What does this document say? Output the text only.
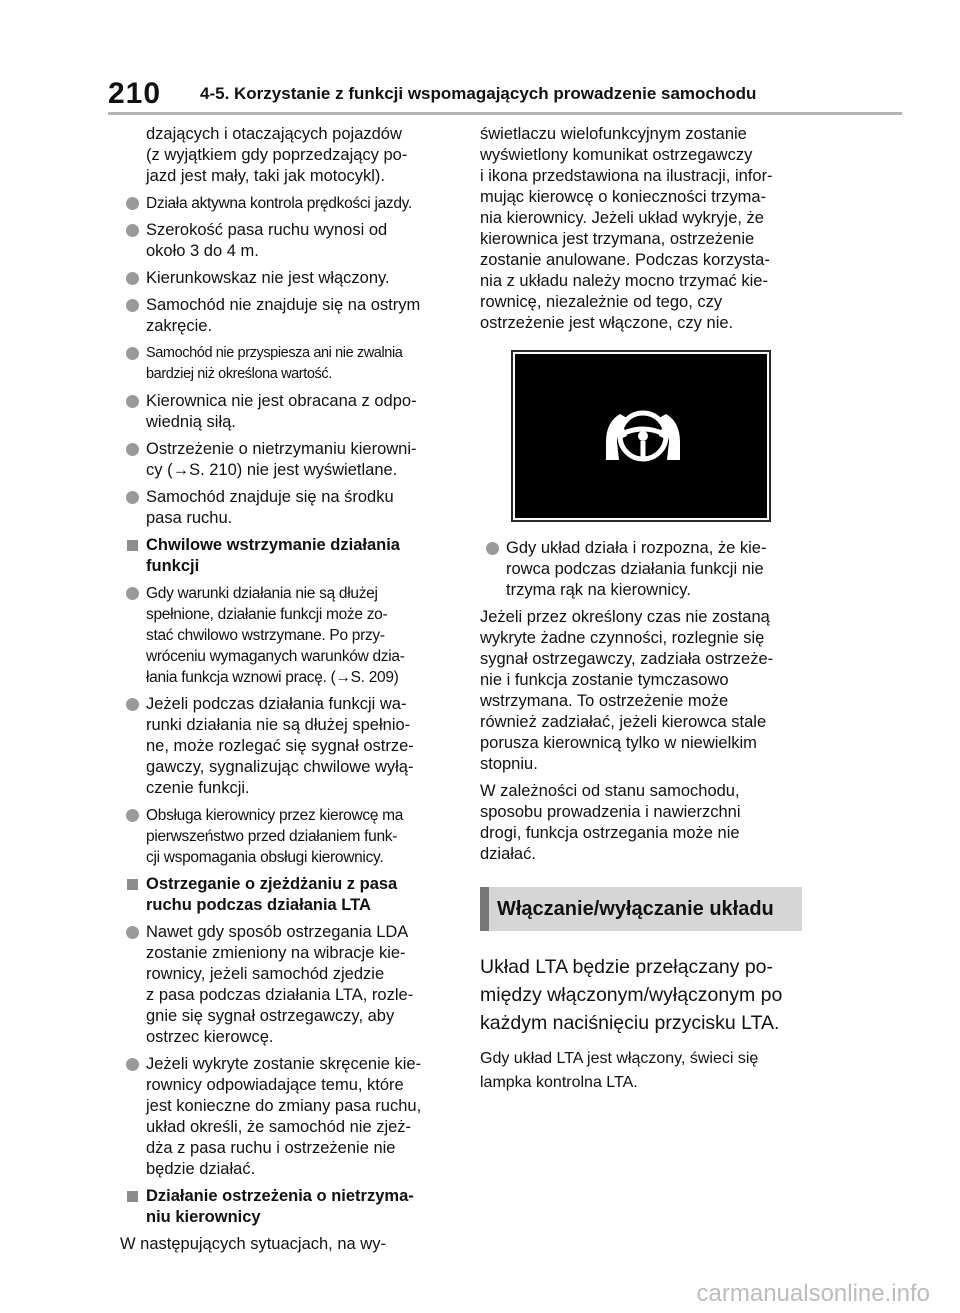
210 4-5. Korzystanie z funkcji wspomagających prowadzenie samochodu
dzających i otaczających pojazdów
(z wyjątkiem gdy poprzedzający po-
jazd jest mały, taki jak motocykl).
Działa aktywna kontrola prędkości jazdy.
Szerokość pasa ruchu wynosi od
około 3 do 4 m.
Kierunkowskaz nie jest włączony.
Samochód nie znajduje się na ostrym
zakręcie.
Samochód nie przyspiesza ani nie zwalnia
bardziej niż określona wartość.
Kierownica nie jest obracana z odpo-
wiednią siłą.
Ostrzeżenie o nietrzymaniu kierowni-
cy (→S. 210) nie jest wyświetlane.
Samochód znajduje się na środku
pasa ruchu.
Chwilowe wstrzymanie działania
funkcji
Gdy warunki działania nie są dłużej
spełnione, działanie funkcji może zo-
stać chwilowo wstrzymane. Po przy-
wróceniu wymaganych warunków dzia-
łania funkcja wznowi pracę. (→S. 209)
Jeżeli podczas działania funkcji wa-
runki działania nie są dłużej spełnio-
ne, może rozlegać się sygnał ostrze-
gawczy, sygnalizując chwilowe wyłą-
czenie funkcji.
Obsługa kierownicy przez kierowcę ma
pierwszeństwo przed działaniem funk-
cji wspomagania obsługi kierownicy.
Ostrzeganie o zjeżdżaniu z pasa
ruchu podczas działania LTA
Nawet gdy sposób ostrzegania LDA
zostanie zmieniony na wibracje kie-
rownicy, jeżeli samochód zjedzie
z pasa podczas działania LTA, rozle-
gnie się sygnał ostrzegawczy, aby
ostrzec kierowcę.
Jeżeli wykryte zostanie skręcenie kie-
rownicy odpowiadające temu, które
jest konieczne do zmiany pasa ruchu,
układ określi, że samochód nie zjeż-
dża z pasa ruchu i ostrzeżenie nie
będzie działać.
Działanie ostrzeżenia o nietrzyma-
niu kierownicy
W następujących sytuacjach, na wy-
świetlaczu wielofunkcyjnym zostanie
wyświetlony komunikat ostrzegawczy
i ikona przedstawiona na ilustracji, infor-
mując kierowcę o konieczności trzyma-
nia kierownicy. Jeżeli układ wykryje, że
kierownica jest trzymana, ostrzeżenie
zostanie anulowane. Podczas korzysta-
nia z układu należy mocno trzymać kie-
rownicę, niezależnie od tego, czy
ostrzeżenie jest włączone, czy nie.
Gdy układ działa i rozpozna, że kie-
rowca podczas działania funkcji nie
trzyma rąk na kierownicy.
Jeżeli przez określony czas nie zostaną
wykryte żadne czynności, rozlegnie się
sygnał ostrzegawczy, zadziała ostrzeże-
nie i funkcja zostanie tymczasowo
wstrzymana. To ostrzeżenie może
również zadziałać, jeżeli kierowca stale
porusza kierownicą tylko w niewielkim
stopniu.
W zależności od stanu samochodu,
sposobu prowadzenia i nawierzchni
drogi, funkcja ostrzegania może nie
działać.
Włączanie/wyłączanie układu
Układ LTA będzie przełączany po-
między włączonym/wyłączonym po
każdym naciśnięciu przycisku LTA.
Gdy układ LTA jest włączony, świeci się
lampka kontrolna LTA.
carmanualsonline.info
